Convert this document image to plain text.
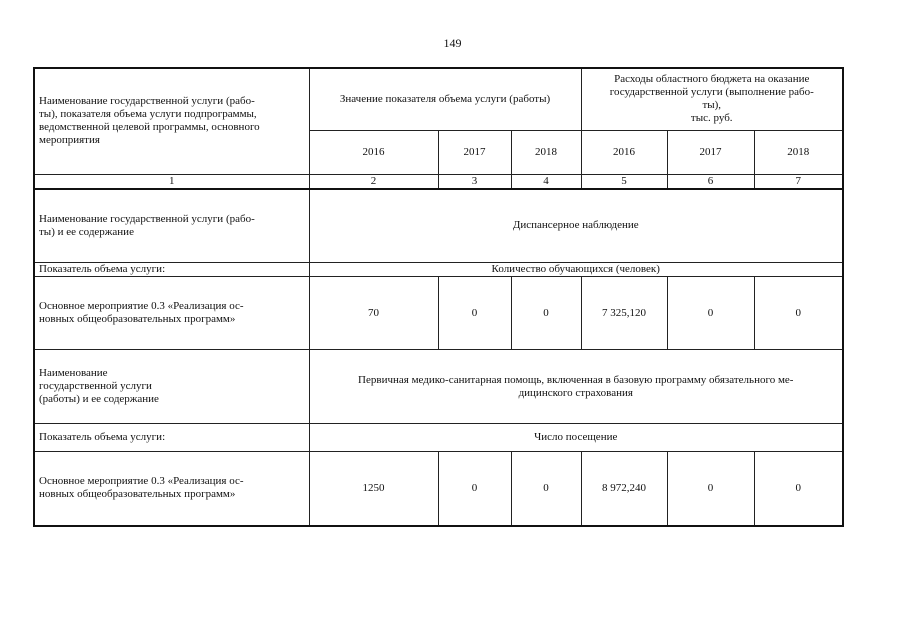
149
Наименование государственной услуги (рабо-
ты), показателя объема услуги подпрограммы,
ведомственной целевой программы, основного
мероприятия	Значение показателя объема услуги (работы)			Расходы областного бюджета на оказание
государственной услуги (выполнение рабо-
ты),
тыс. руб.		
	2016	2017	2018	2016	2017	2018
1	2	3	4	5	6	7
Наименование государственной услуги (рабо-
ты) и ее содержание	Диспансерное наблюдение					
Показатель объема услуги:	Количество обучающихся (человек)					
Основное мероприятие 0.3 «Реализация ос-
новных общеобразовательных программ»	70	0	0	7 325,120	0	0
Наименование
государственной услуги
(работы) и ее содержание	Первичная медико-санитарная помощь, включенная в базовую программу обязательного ме-
дицинского страхования					
Показатель объема услуги:	Число посещение					
Основное мероприятие 0.3 «Реализация ос-
новных общеобразовательных программ»	1250	0	0	8 972,240	0	0
